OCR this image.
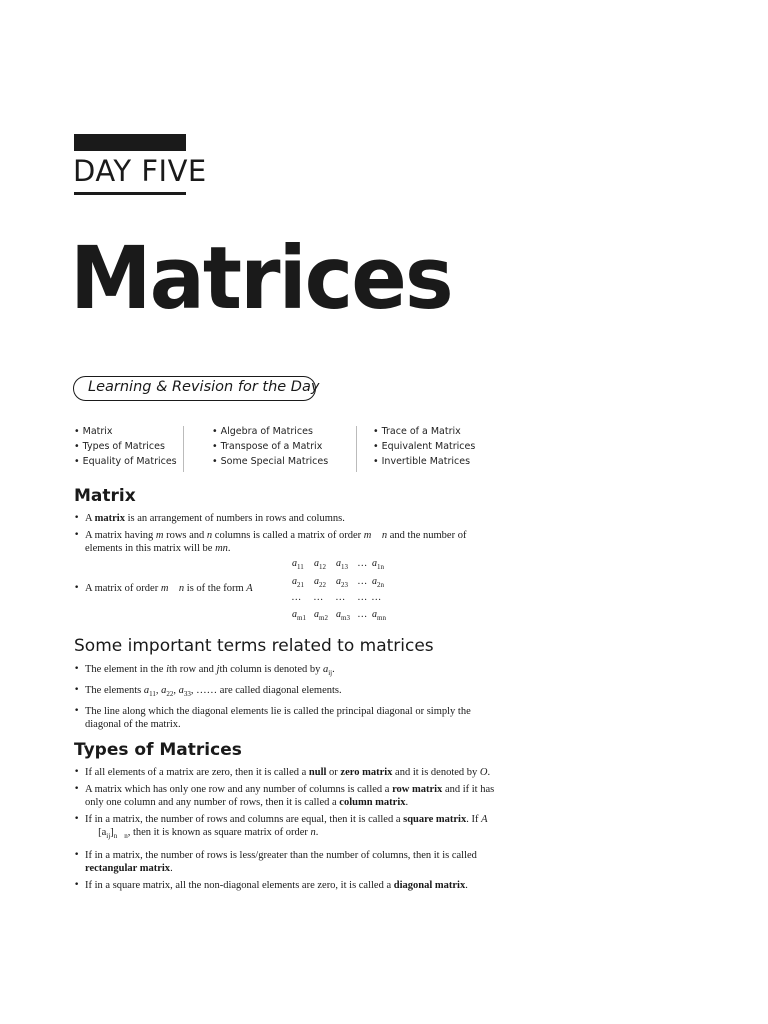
DAY FIVE
Matrices
Learning & Revision for the Day
• Matrix
• Types of Matrices
• Equality of Matrices
• Algebra of Matrices
• Transpose of a Matrix
• Some Special Matrices
• Trace of a Matrix
• Equivalent Matrices
• Invertible Matrices
Matrix
• A matrix is an arrangement of numbers in rows and columns.
• A matrix having m rows and n columns is called a matrix of order m n and the number of elements in this matrix will be mn.
• A matrix of order m n is of the form A
$a_{11}$ $a_{12}$ $a_{13}$ … $a_{1n}$
$a_{21}$ $a_{22}$ $a_{23}$ … $a_{2n}$
… … … … …
$a_{m1}$ $a_{m2}$ $a_{m3}$ … $a_{mn}$
Some important terms related to matrices
• The element in the ith row and jth column is denoted by $a_{ij}$.
• The elements $a_{11}$, $a_{22}$, $a_{33}$, …… are called diagonal elements.
• The line along which the diagonal elements lie is called the principal diagonal or simply the diagonal of the matrix.
Types of Matrices
• If all elements of a matrix are zero, then it is called a null or zero matrix and it is denoted by O.
• A matrix which has only one row and any number of columns is called a row matrix and if it has only one column and any number of rows, then it is called a column matrix.
• If in a matrix, the number of rows and columns are equal, then it is called a square matrix. If A     $[a_{ij}]_{n n}$, then it is known as square matrix of order n.
• If in a matrix, the number of rows is less/greater than the number of columns, then it is called rectangular matrix.
• If in a square matrix, all the non-diagonal elements are zero, it is called a diagonal matrix.
